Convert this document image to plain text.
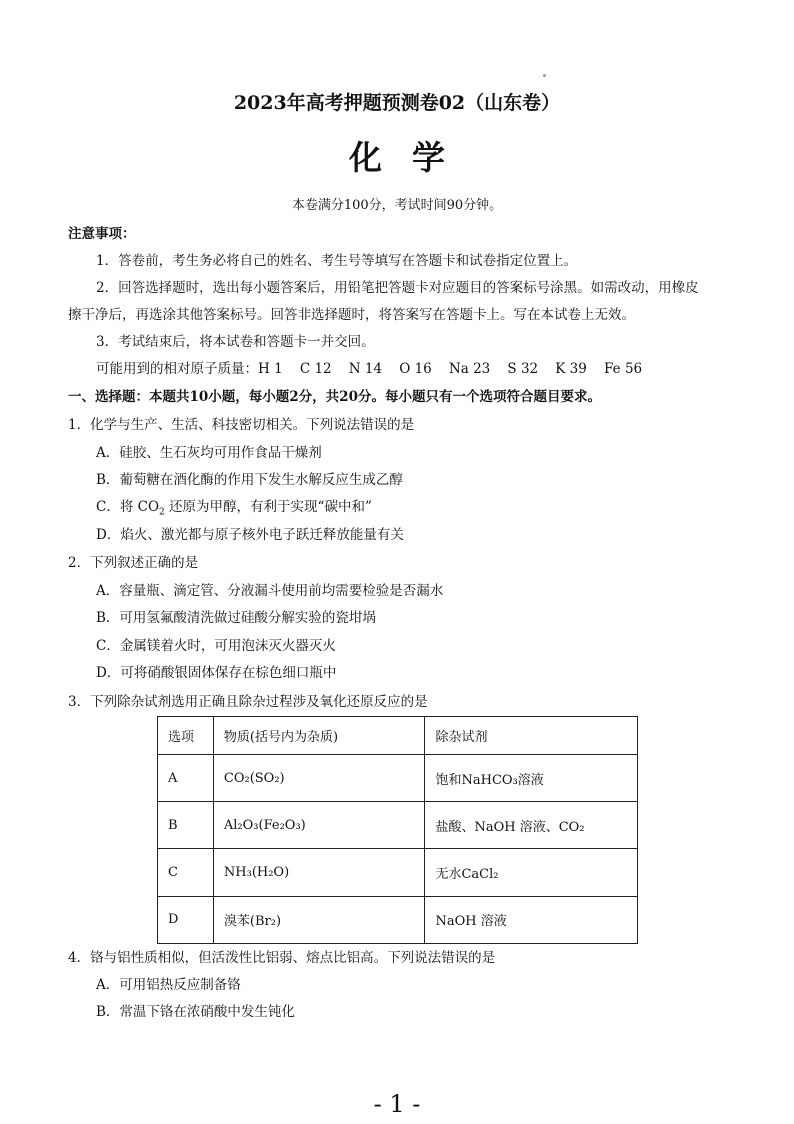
2023年高考押题预测卷02（山东卷）
化学
本卷满分100分，考试时间90分钟。
注意事项：
1．答卷前，考生务必将自己的姓名、考生号等填写在答题卡和试卷指定位置上。
2．回答选择题时，选出每小题答案后，用铅笔把答题卡对应题目的答案标号涂黑。如需改动，用橡皮
擦干净后，再选涂其他答案标号。回答非选择题时，将答案写在答题卡上。写在本试卷上无效。
3．考试结束后，将本试卷和答题卡一并交回。
可能用到的相对原子质量：H 1    C 12    N 14    O 16    Na 23    S 32    K 39    Fe 56
一、选择题：本题共10小题，每小题2分，共20分。每小题只有一个选项符合题目要求。
1．化学与生产、生活、科技密切相关。下列说法错误的是
A．硅胶、生石灰均可用作食品干燥剂
B．葡萄糖在酒化酶的作用下发生水解反应生成乙醇
C．将 $CO_2$ 还原为甲醇，有利于实现“碳中和”
D．焰火、激光都与原子核外电子跃迁释放能量有关
2．下列叙述正确的是
A．容量瓶、滴定管、分液漏斗使用前均需要检验是否漏水
B．可用氢氟酸清洗做过硅酸分解实验的瓷坩埚
C．金属镁着火时，可用泡沫灭火器灭火
D．可将硝酸银固体保存在棕色细口瓶中
3．下列除杂试剂选用正确且除杂过程涉及氧化还原反应的是
选项	物质(括号内为杂质)	除杂试剂
A	CO₂(SO₂)	饱和NaHCO₃溶液
B	Al₂O₃(Fe₂O₃)	盐酸、NaOH 溶液、CO₂
C	NH₃(H₂O)	无水CaCl₂
D	溴苯(Br₂)	NaOH 溶液
4．铬与铝性质相似，但活泼性比铝弱、熔点比铝高。下列说法错误的是
A．可用铝热反应制备铬
B．常温下铬在浓硝酸中发生钝化
- 1 -
